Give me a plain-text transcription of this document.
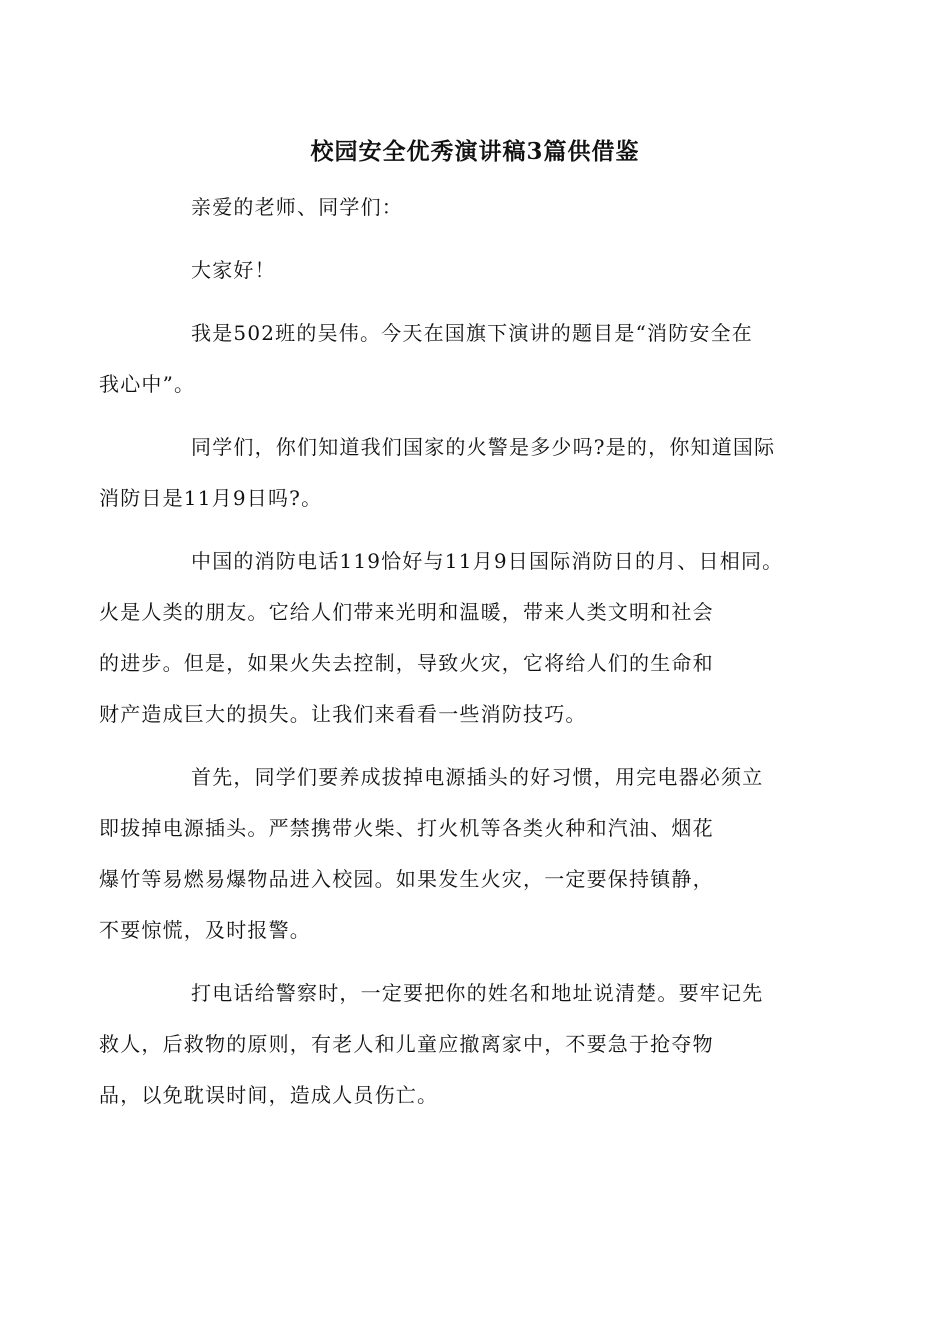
校园安全优秀演讲稿3篇供借鉴

亲爱的老师、同学们：

大家好！

我是502班的吴伟。今天在国旗下演讲的题目是“消防安全在
我心中”。

同学们，你们知道我们国家的火警是多少吗?是的，你知道国际
消防日是11月9日吗?。

中国的消防电话119恰好与11月9日国际消防日的月、日相同。
火是人类的朋友。它给人们带来光明和温暖，带来人类文明和社会
的进步。但是，如果火失去控制，导致火灾，它将给人们的生命和
财产造成巨大的损失。让我们来看看一些消防技巧。

首先，同学们要养成拔掉电源插头的好习惯，用完电器必须立
即拔掉电源插头。严禁携带火柴、打火机等各类火种和汽油、烟花
爆竹等易燃易爆物品进入校园。如果发生火灾，一定要保持镇静，
不要惊慌，及时报警。

打电话给警察时，一定要把你的姓名和地址说清楚。要牢记先
救人，后救物的原则，有老人和儿童应撤离家中，不要急于抢夺物
品，以免耽误时间，造成人员伤亡。
